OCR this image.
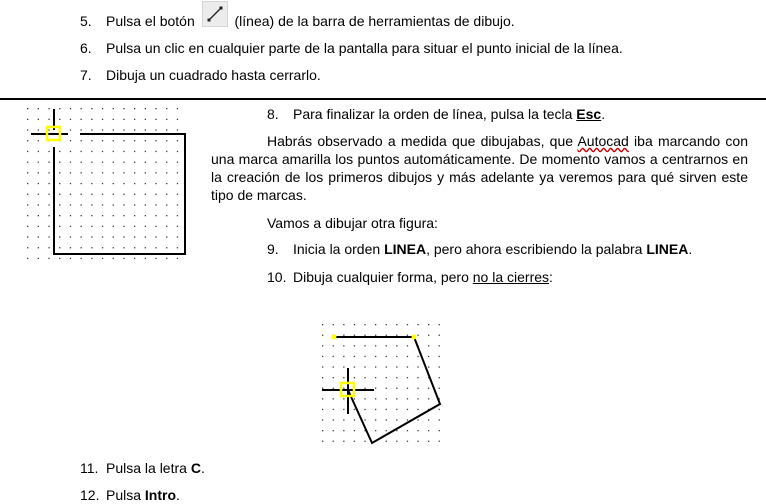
5. Pulsa el botón	(línea) de la barra de herramientas de dibujo.
6. Pulsa un clic en cualquier parte de la pantalla para situar el punto inicial de la línea.
7. Dibuja un cuadrado hasta cerrarlo.
8. Para finalizar la orden de línea, pulsa la tecla Esc.
Habrás observado a medida que dibujabas, que Autocad iba marcando con una marca amarilla los puntos automáticamente. De momento vamos a centrarnos en la creación de los primeros dibujos y más adelante ya veremos para qué sirven este tipo de marcas.
Vamos a dibujar otra figura:
9. Inicia la orden LINEA, pero ahora escribiendo la palabra LINEA.
10. Dibuja cualquier forma, pero no la cierres:
11. Pulsa la letra C.
12. Pulsa Intro.
